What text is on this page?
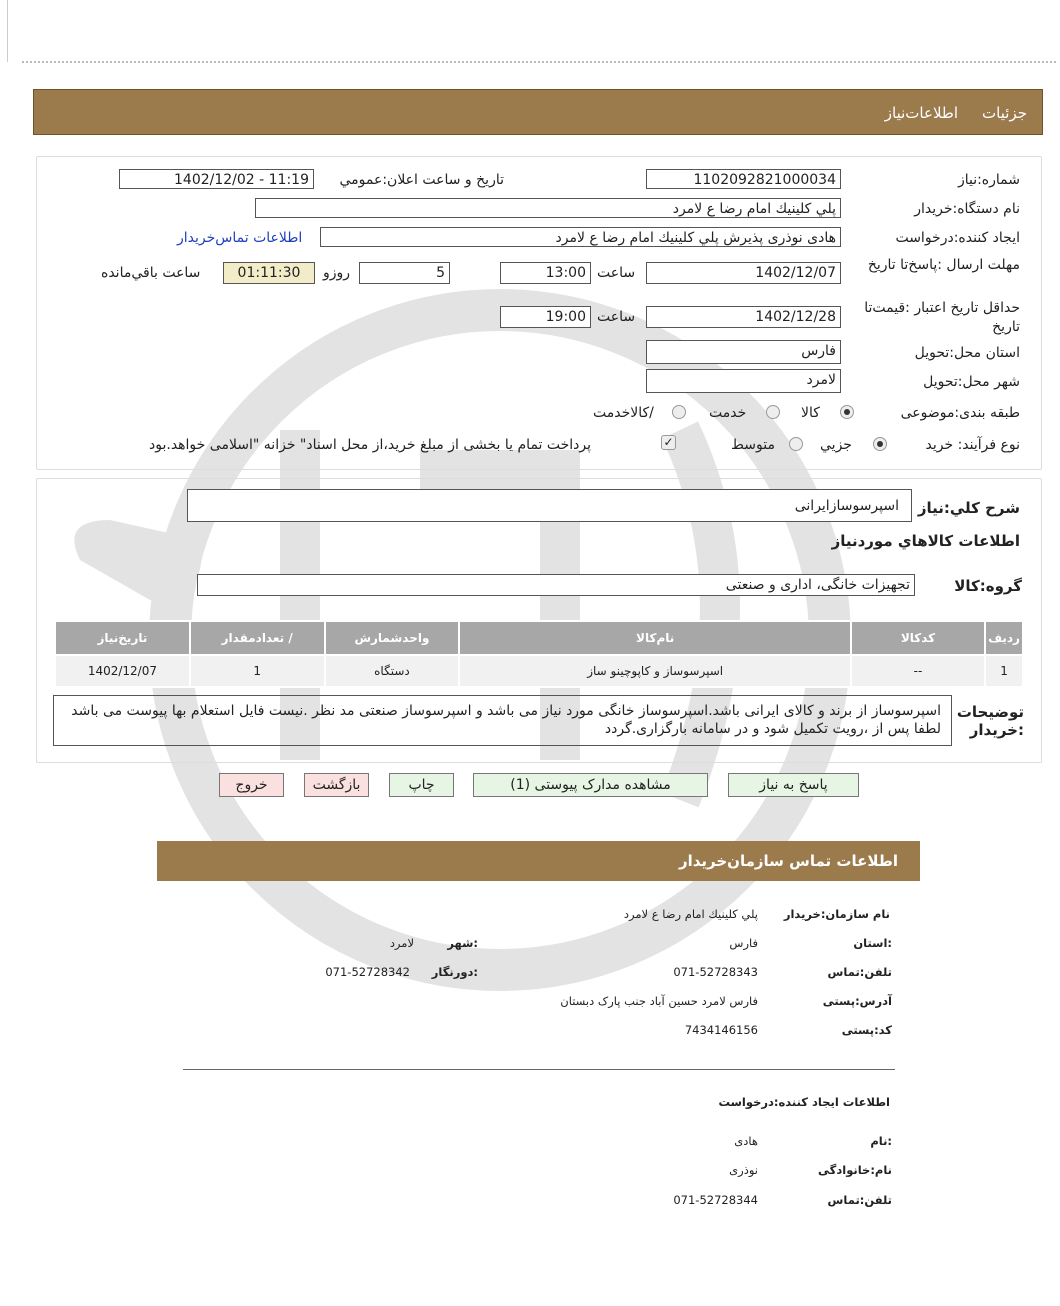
جزئیات
اطلاعات‌نیاز
شماره:نیاز
1102092821000034
تاریخ و ساعت اعلان:عمومي
1402/12/02 - 11:19
نام دستگاه:خریدار
پلي كلينيك امام رضا ع لامرد
ایجاد کننده:درخواست
هادی نوذری پذيرش پلي كلينيك امام رضا ع لامرد
اطلاعات تماس‌خریدار
مهلت ارسال :پاسخ‌تا تاریخ
1402/12/07
ساعت
13:00
5
روزو
01:11:30
ساعت باقي‌مانده
حداقل تاریخ اعتبار :قیمت‌تا تاریخ
1402/12/28
ساعت
19:00
استان محل:تحویل
فارس
شهر محل:تحویل
لامرد
طبقه بندی:موضوعی
کالا
خدمت
/کالاخدمت
نوع فرآیند: خرید
جزیي
متوسط
✓
پرداخت تمام یا بخشی از مبلغ خرید،از محل اسناد" خزانه "اسلامی خواهد.بود
شرح کلي:نياز
اسپرسوسازایرانی
اطلاعات كالاهاي موردنياز
گروه:کالا
تجهیزات خانگی، اداری و صنعتی
رديف	كدكالا	نام‌كالا	واحدشمارش	/ تعدادمقدار	تاريخ‌نياز
1	--	اسپرسوساز و کاپوچینو ساز	دستگاه	1	1402/12/07
توضیحات :خریدار
اسپرسوساز از برند و کالای ایرانی باشد.اسپرسوساز خانگی مورد نیاز می باشد و اسپرسوساز صنعتی مد نظر .نیست فایل استعلام بها پیوست می باشد لطفا پس از ،رویت تکمیل شود و در سامانه بارگزاری.گردد
پاسخ به نیاز
مشاهده مدارک پیوستی (1)
چاپ
بازگشت
خروج
اطلاعات تماس سازمان‌خریدار
نام سازمان:خریدار
پلي كلينيك امام رضا ع لامرد
:استان
فارس
:شهر
لامرد
تلفن:تماس
071-52728343
:دورنگار
071-52728342
آدرس:پستی
فارس لامرد حسين آباد جنب پارک دبستان
کد:پستی
7434146156
اطلاعات ایجاد کننده:درخواست
:نام
هادی
نام:خانوادگی
نوذری
تلفن:تماس
071-52728344
